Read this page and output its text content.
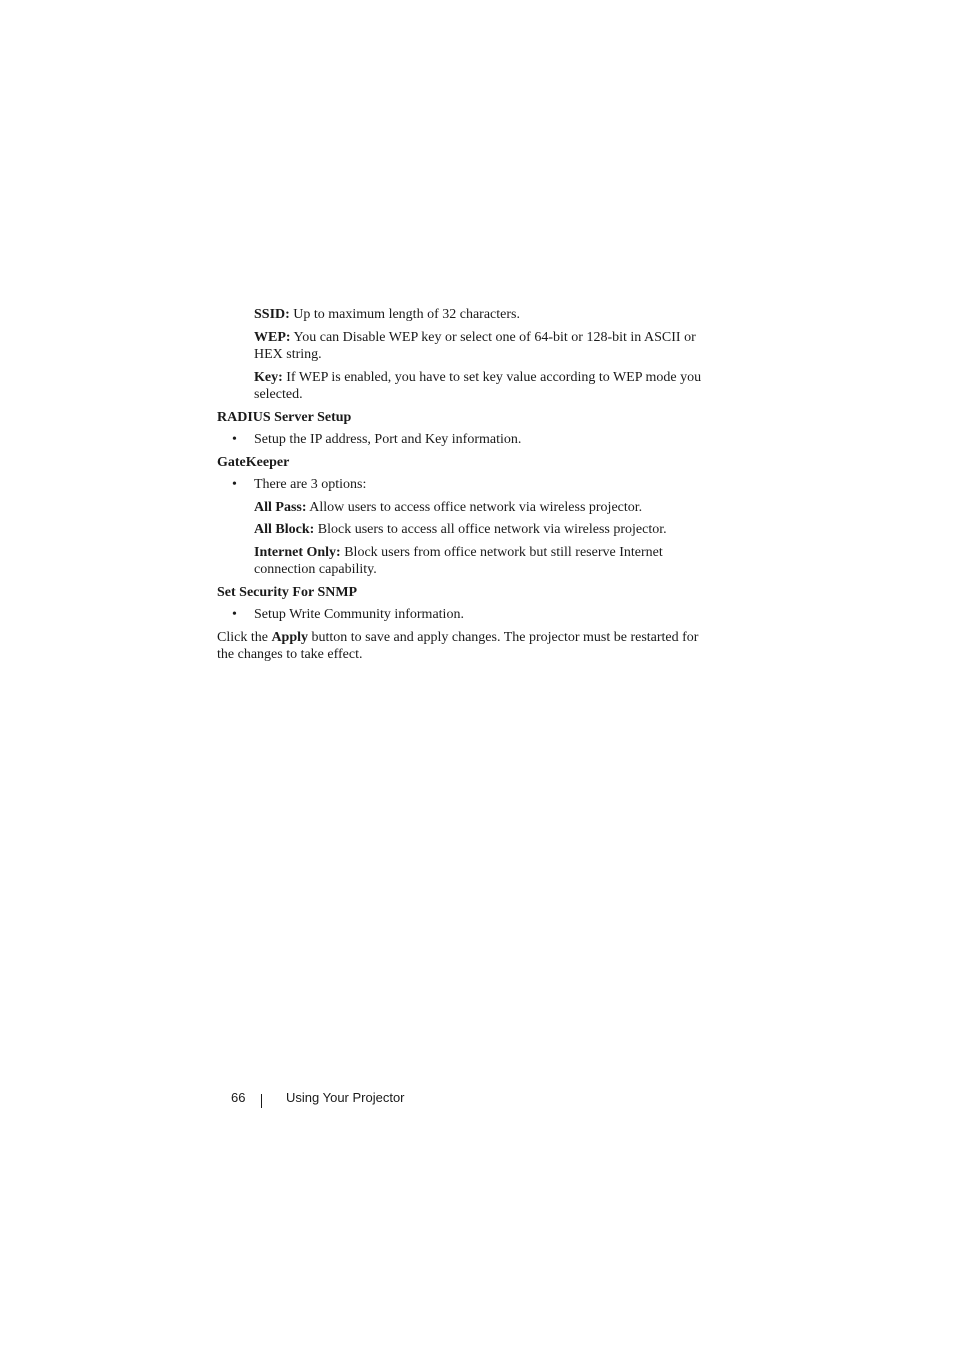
SSID: Up to maximum length of 32 characters.
WEP: You can Disable WEP key or select one of 64-bit or 128-bit in ASCII or HEX string.
Key: If WEP is enabled, you have to set key value according to WEP mode you selected.
RADIUS Server Setup
• Setup the IP address, Port and Key information.
GateKeeper
• There are 3 options:
All Pass: Allow users to access office network via wireless projector.
All Block: Block users to access all office network via wireless projector.
Internet Only: Block users from office network but still reserve Internet connection capability.
Set Security For SNMP
• Setup Write Community information.
Click the Apply button to save and apply changes. The projector must be restarted for the changes to take effect.
66	Using Your Projector
